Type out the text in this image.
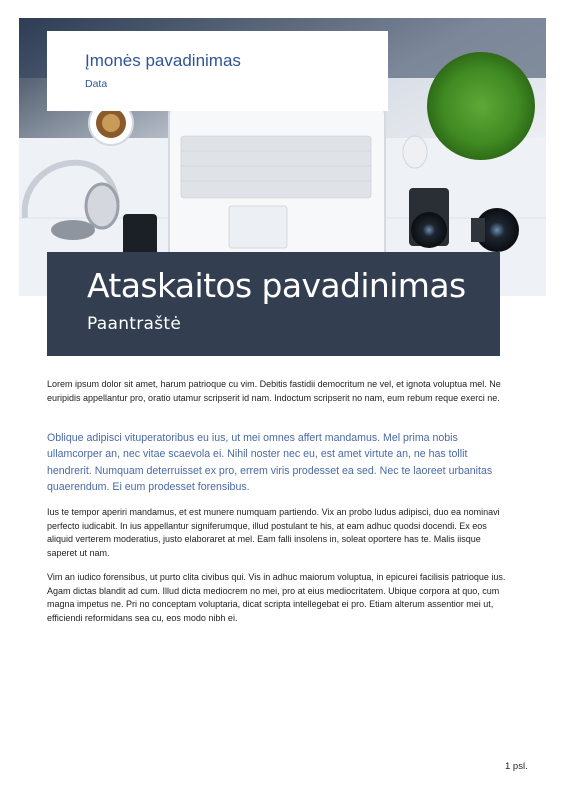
Įmonės pavadinimas
Data
Ataskaitos pavadinimas
Paantraštė

Lorem ipsum dolor sit amet, harum patrioque cu vim. Debitis fastidii democritum ne vel, et ignota voluptua mel. Ne euripidis appellantur pro, oratio utamur scripserit id nam. Indoctum scripserit no nam, eum rebum reque exerci ne.

Oblique adipisci vituperatoribus eu ius, ut mei omnes affert mandamus. Mel prima nobis ullamcorper an, nec vitae scaevola ei. Nihil noster nec eu, est amet virtute an, ne has tollit hendrerit. Numquam deterruisset ex pro, errem viris prodesset ea sed. Nec te laoreet urbanitas quaerendum. Ei eum prodesset forensibus.

Ius te tempor aperiri mandamus, et est munere numquam partiendo. Vix an probo ludus adipisci, duo ea nominavi perfecto iudicabit. In ius appellantur signiferumque, illud postulant te his, at eam adhuc quodsi docendi. Ex eos aliquid verterem moderatius, justo elaboraret at mel. Eam falli insolens in, soleat oportere has te. Malis iisque saperet ut nam.

Vim an iudico forensibus, ut purto clita civibus qui. Vis in adhuc maiorum voluptua, in epicurei facilisis patrioque ius. Agam dictas blandit ad cum. Illud dicta mediocrem no mei, pro at eius mediocritatem. Ubique corpora at quo, cum magna impetus ne. Pri no conceptam voluptaria, dicat scripta intellegebat ei pro. Etiam alterum assentior mei ut, efficiendi reformidans sea cu, eos modo nibh ei.

1 psl.
